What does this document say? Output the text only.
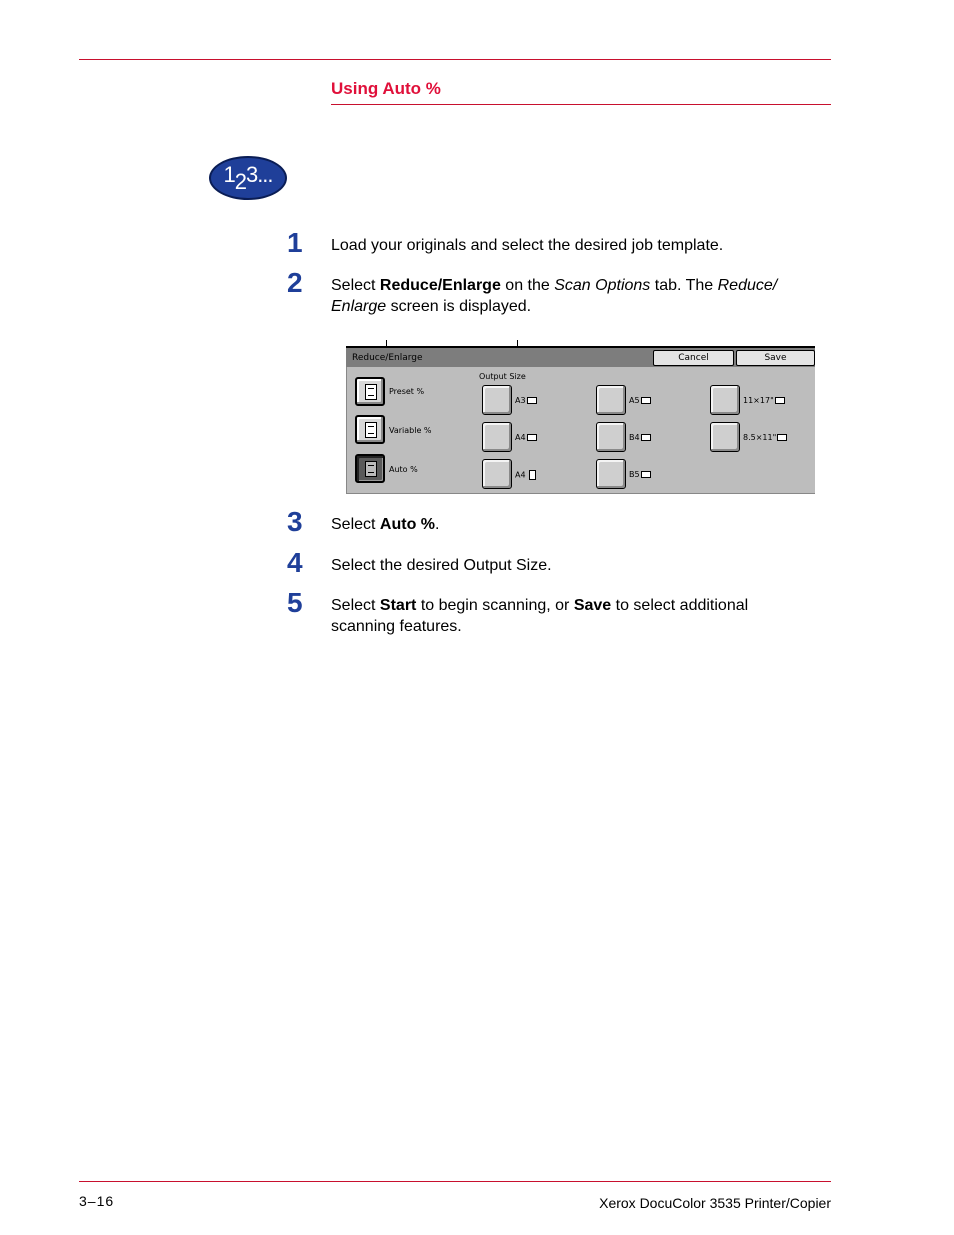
Using Auto %
123...
1 Load your originals and select the desired job template.
2 Select Reduce/Enlarge on the Scan Options tab. The Reduce/ Enlarge screen is displayed.
Reduce/Enlarge	Cancel	Save
Preset %
Variable %
Auto %
Output Size
A3	A5	11×17"
A4	B4	8.5×11"
A4	B5
3 Select Auto %.
4 Select the desired Output Size.
5 Select Start to begin scanning, or Save to select additional scanning features.
3–16	Xerox DocuColor 3535 Printer/Copier
